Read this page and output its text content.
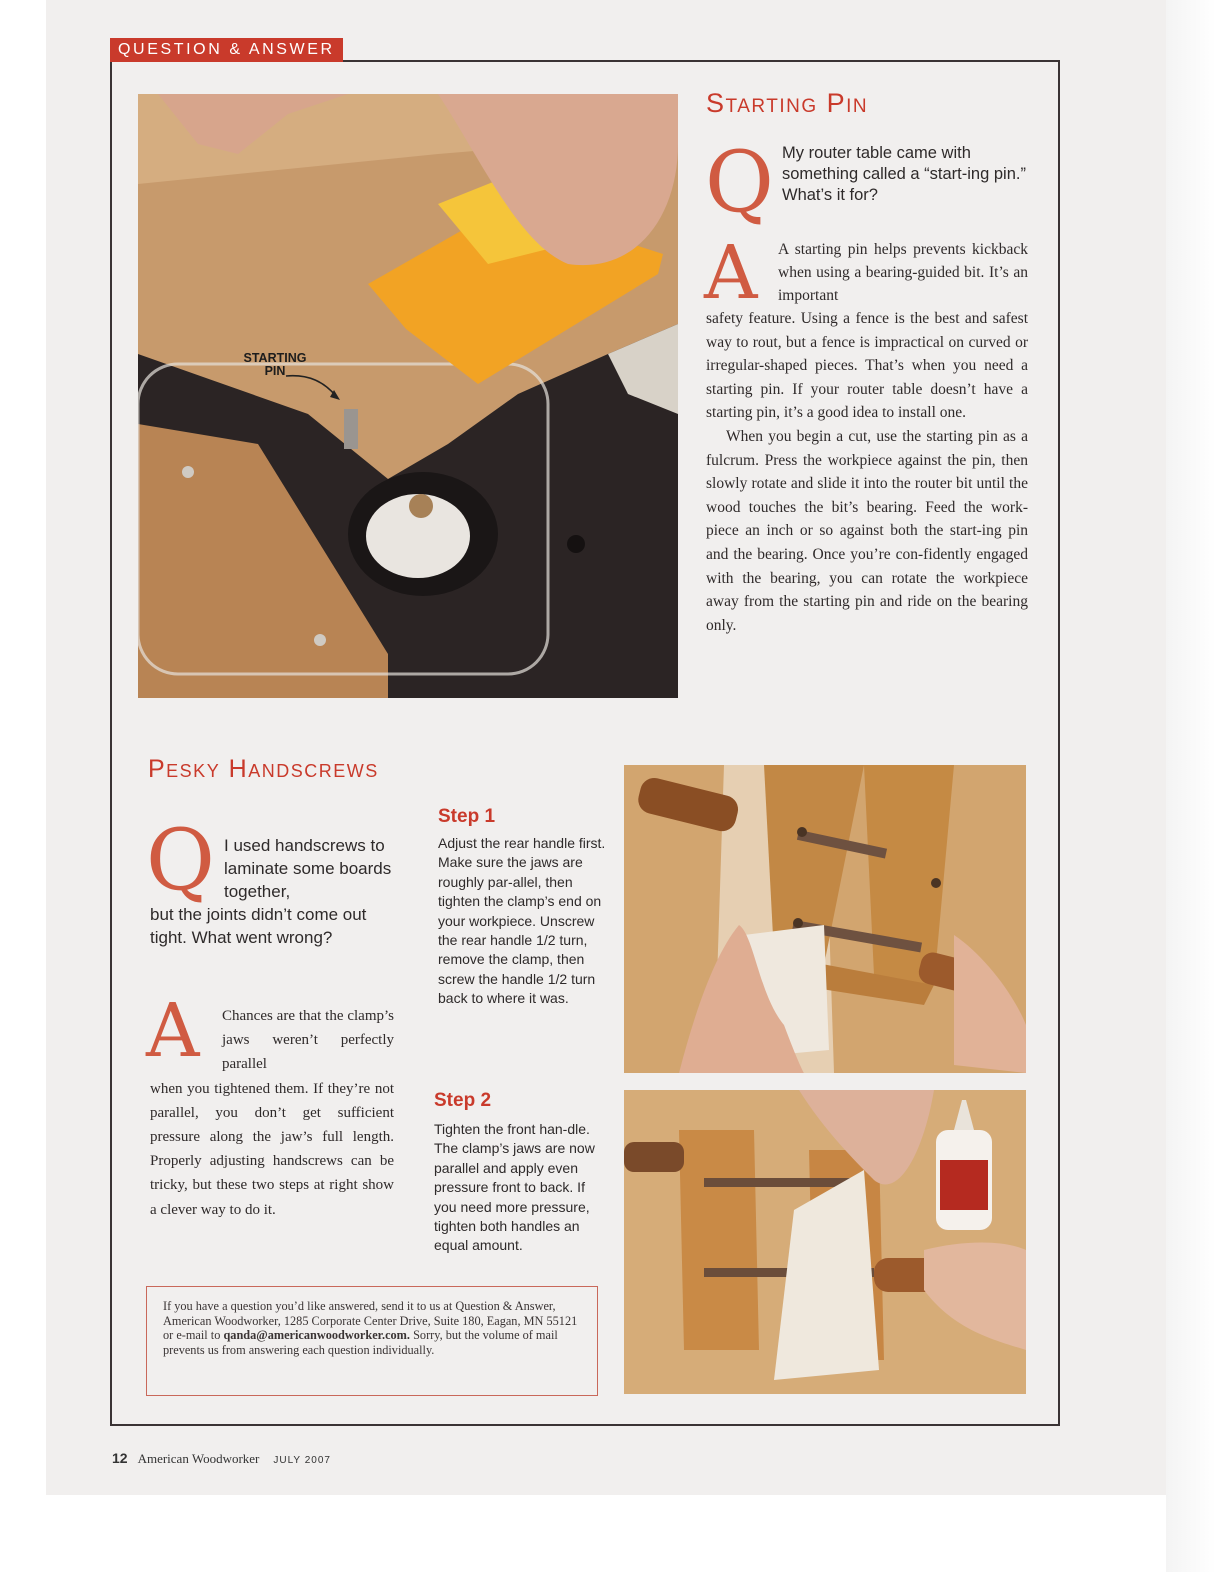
QUESTION & ANSWER
STARTING PIN
Starting Pin
Q My router table came with something called a “start-ing pin.” What’s it for?
A A starting pin helps prevents kickback when using a bearing-guided bit. It’s an important

safety feature. Using a fence is the best and safest way to rout, but a fence is impractical on curved or irregular-shaped pieces. That’s when you need a starting pin. If your router table doesn’t have a starting pin, it’s a good idea to install one.

When you begin a cut, use the starting pin as a fulcrum. Press the workpiece against the pin, then slowly rotate and slide it into the router bit until the wood touches the bit’s bearing. Feed the work-piece an inch or so against both the start-ing pin and the bearing. Once you’re con-fidently engaged with the bearing, you can rotate the workpiece away from the starting pin and ride on the bearing only.

Pesky Handscrews
Q I used handscrews to laminate some boards together,
but the joints didn’t come out tight. What went wrong?
A	Chances are that the clamp’s jaws weren’t perfectly parallel
when you tightened them. If they’re not parallel, you don’t get sufficient pressure along the jaw’s full length. Properly adjusting handscrews can be tricky, but these two steps at right show a clever way to do it.
Step 1
Adjust the rear handle first. Make sure the jaws are roughly par-allel, then tighten the clamp’s end on your workpiece. Unscrew the rear handle 1/2 turn, remove the clamp, then screw the handle 1/2 turn back to where it was.
Step 2
Tighten the front han-dle. The clamp’s jaws are now parallel and apply even pressure front to back. If you need more pressure, tighten both handles an equal amount.
If you have a question you’d like answered, send it to us at Question & Answer, American Woodworker, 1285 Corporate Center Drive, Suite 180, Eagan, MN 55121 or e-mail to qanda@americanwoodworker.com. Sorry, but the volume of mail prevents us from answering each question individually.
12 American Woodworker JULY 2007
